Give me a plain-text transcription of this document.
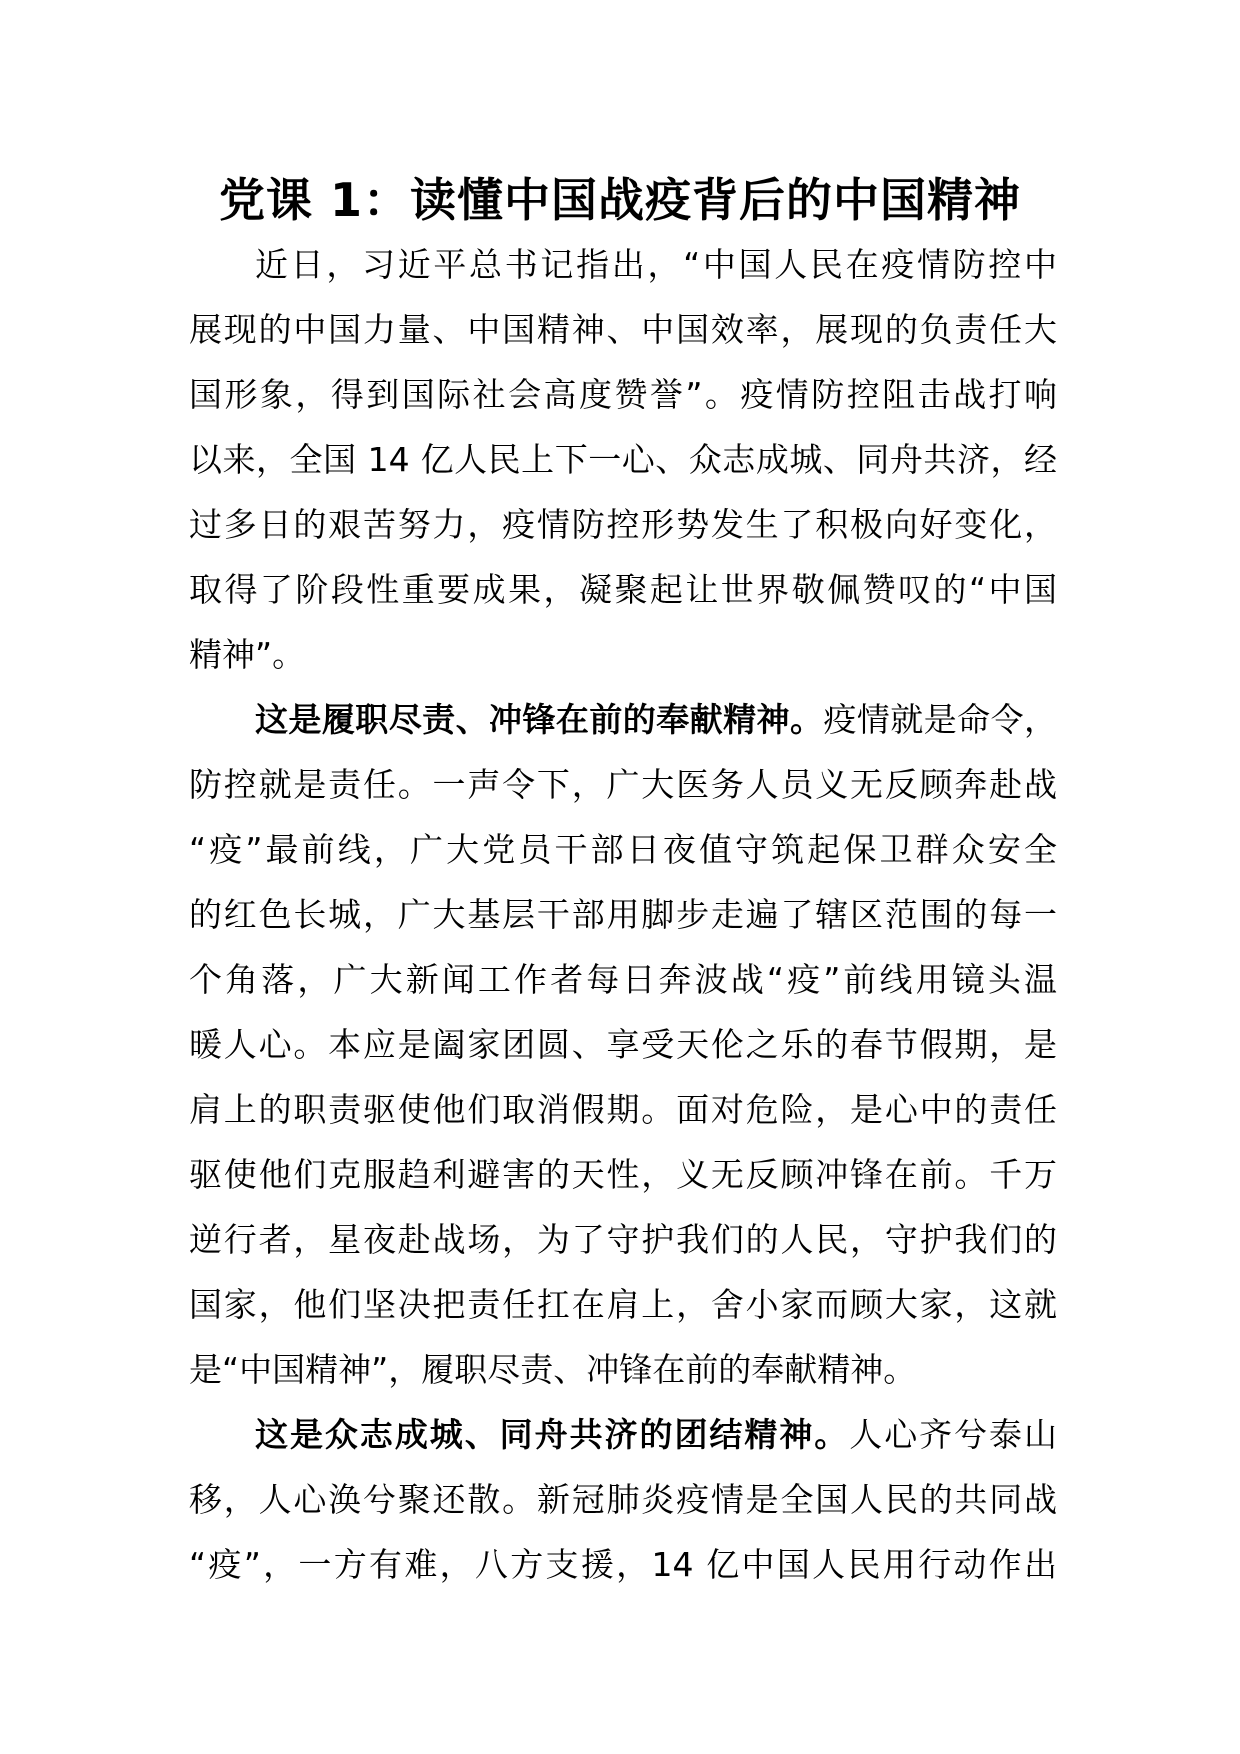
党课 1：读懂中国战疫背后的中国精神
近日，习近平总书记指出，“中国人民在疫情防控中
展现的中国力量、中国精神、中国效率，展现的负责任大
国形象，得到国际社会高度赞誉”。疫情防控阻击战打响
以来，全国 14 亿人民上下一心、众志成城、同舟共济，经
过多日的艰苦努力，疫情防控形势发生了积极向好变化，
取得了阶段性重要成果，凝聚起让世界敬佩赞叹的“中国
精神”。
这是履职尽责、冲锋在前的奉献精神。疫情就是命令，
防控就是责任。一声令下，广大医务人员义无反顾奔赴战
“疫”最前线，广大党员干部日夜值守筑起保卫群众安全
的红色长城，广大基层干部用脚步走遍了辖区范围的每一
个角落，广大新闻工作者每日奔波战“疫”前线用镜头温
暖人心。本应是阖家团圆、享受天伦之乐的春节假期，是
肩上的职责驱使他们取消假期。面对危险，是心中的责任
驱使他们克服趋利避害的天性，义无反顾冲锋在前。千万
逆行者，星夜赴战场，为了守护我们的人民，守护我们的
国家，他们坚决把责任扛在肩上，舍小家而顾大家，这就
是“中国精神”，履职尽责、冲锋在前的奉献精神。
这是众志成城、同舟共济的团结精神。人心齐兮泰山
移，人心涣兮聚还散。新冠肺炎疫情是全国人民的共同战
“疫”，一方有难，八方支援，14 亿中国人民用行动作出
